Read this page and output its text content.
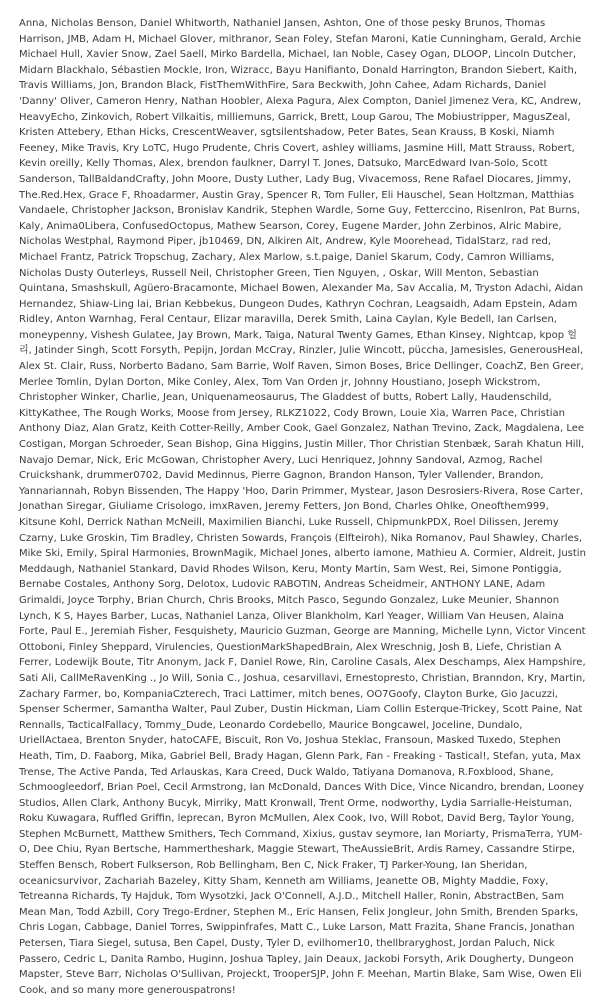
Anna, Nicholas Benson, Daniel Whitworth, Nathaniel Jansen, Ashton, One of those pesky Brunos, Thomas Harrison, JMB, Adam H, Michael Glover, mithranor, Sean Foley, Stefan Maroni, Katie Cunningham, Gerald, Archie Michael Hull, Xavier Snow, Zael Saell, Mirko Bardella, Michael, Ian Noble, Casey Ogan, DLOOP, Lincoln Dutcher, Midarn Blackhalo, Sébastien Mockle, Iron, Wizracc, Bayu Hanifianto, Donald Harrington, Brandon Siebert, Kaith, Travis Williams, Jon, Brandon Black, FistThemWithFire, Sara Beckwith, John Cahee, Adam Richards, Daniel 'Danny' Oliver, Cameron Henry, Nathan Hoobler, Alexa Pagura, Alex Compton, Daniel Jimenez Vera, KC, Andrew, HeavyEcho, Zinkovich, Robert Vilkaitis, milliemuns, Garrick, Brett, Loup Garou, The Mobiustripper, MagusZeal, Kristen Attebery, Ethan Hicks, CrescentWeaver, sgtsilentshadow, Peter Bates, Sean Krauss, B Koski, Niamh Feeney, Mike Travis, Kry LoTC, Hugo Prudente, Chris Covert, ashley williams, Jasmine Hill, Matt Strauss, Robert, Kevin oreilly, Kelly Thomas, Alex, brendon faulkner, Darryl T. Jones, Datsuko, MarcEdward Ivan-Solo, Scott Sanderson, TallBaldandCrafty, John Moore, Dusty Luther, Lady Bug, Vivacemoss, Rene Rafael Diocares, Jimmy, The.Red.Hex, Grace F, Rhoadarmer, Austin Gray, Spencer R, Tom Fuller, Eli Hauschel, Sean Holtzman, Matthias Vandaele, Christopher Jackson, Bronislav Kandrik, Stephen Wardle, Some Guy, Fetterccino, RisenIron, Pat Burns, Kaly, Anima0Libera, ConfusedOctopus, Mathew Searson, Corey, Eugene Marder, John Zerbinos, Alric Mabire, Nicholas Westphal, Raymond Piper, jb10469, DN, Alkiren Alt, Andrew, Kyle Moorehead, TidalStarz, rad red, Michael Frantz, Patrick Tropschug, Zachary, Alex Marlow, s.t.paige, Daniel Skarum, Cody, Camron Williams, Nicholas Dusty Outerleys, Russell Neil, Christopher Green, Tien Nguyen, , Oskar, Will Menton, Sebastian Quintana, Smashskull, Agüero-Bracamonte, Michael Bowen, Alexander Ma, Sav Accalia, M, Tryston Adachi, Aidan Hernandez, Shiaw-Ling lai, Brian Kebbekus, Dungeon Dudes, Kathryn Cochran, Leagsaidh, Adam Epstein, Adam Ridley, Anton Warnhag, Feral Centaur, Elizar maravilla, Derek Smith, Laina Caylan, Kyle Bedell, Ian Carlsen, moneypenny, Vishesh Gulatee, Jay Brown, Mark, Taiga, Natural Twenty Games, Ethan Kinsey, Nightcap, kpop 헐리, Jatinder Singh, Scott Forsyth, Pepijn, Jordan McCray, Rinzler, Julie Wincott, püccha, Jamesisles, GenerousHeal, Alex St. Clair, Russ, Norberto Badano, Sam Barrie, Wolf Raven, Simon Boses, Brice Dellinger, CoachZ, Ben Greer, Merlee Tomlin, Dylan Dorton, Mike Conley, Alex, Tom Van Orden jr, Johnny Houstiano, Joseph Wickstrom, Christopher Winker, Charlie, Jean, Uniquenameosaurus, The Gladdest of butts, Robert Lally, Haudenschild, KittyKathee, The Rough Works, Moose from Jersey, RLKZ1022, Cody Brown, Louie Xia, Warren Pace, Christian Anthony Diaz, Alan Gratz, Keith Cotter-Reilly, Amber Cook, Gael Gonzalez, Nathan Trevino, Zack, Magdalena, Lee Costigan, Morgan Schroeder, Sean Bishop, Gina Higgins, Justin Miller, Thor Christian Stenbæk, Sarah Khatun Hill, Navajo Demar, Nick, Eric McGowan, Christopher Avery, Luci Henriquez, Johnny Sandoval, Azmog, Rachel Cruickshank, drummer0702, David Medinnus, Pierre Gagnon, Brandon Hanson, Tyler Vallender, Brandon, Yannariannah, Robyn Bissenden, The Happy 'Hoo, Darin Primmer, Mystear, Jason Desrosiers-Rivera, Rose Carter, Jonathan Siregar, Giuliame Crisologo, imxRaven, Jeremy Fetters, Jon Bond, Charles Ohlke, Oneofthem999, Kitsune Kohl, Derrick Nathan McNeill, Maximilien Bianchi, Luke Russell, ChipmunkPDX, Roel Dilissen, Jeremy Czarny, Luke Groskin, Tim Bradley, Christen Sowards, François (Elfteiroh), Nika Romanov, Paul Shawley, Charles, Mike Ski, Emily, Spiral Harmonies, BrownMagik, Michael Jones, alberto iamone, Mathieu A. Cormier, Aldreit, Justin Meddaugh, Nathaniel Stankard, David Rhodes Wilson, Keru, Monty Martin, Sam West, Rei, Simone Pontiggia, Bernabe Costales, Anthony Sorg, Delotox, Ludovic RABOTIN, Andreas Scheidmeir, ANTHONY LANE, Adam Grimaldi, Joyce Torphy, Brian Church, Chris Brooks, Mitch Pasco, Segundo Gonzalez, Luke Meunier, Shannon Lynch, K S, Hayes Barber, Lucas, Nathaniel Lanza, Oliver Blankholm, Karl Yeager, William Van Heusen, Alaina Forte, Paul E., Jeremiah Fisher, Fesquishety, Mauricio Guzman, George are Manning, Michelle Lynn, Victor Vincent Ottoboni, Finley Sheppard, Virulencies, QuestionMarkShapedBrain, Alex Wreschnig, Josh B, Liefe, Christian A Ferrer, Lodewijk Boute, Titr Anonym, Jack F, Daniel Rowe, Rin, Caroline Casals, Alex Deschamps, Alex Hampshire, Sati Ali, CallMeRavenKing ., Jo Will, Sonia C., Joshua, cesarvillavi, Ernestopresto, Christian, Branndon, Kry, Martin, Zachary Farmer, bo, KompaniaCzterech, Traci Lattimer, mitch benes, OO7Goofy, Clayton Burke, Gio Jacuzzi, Spenser Schermer, Samantha Walter, Paul Zuber, Dustin Hickman, Liam Collin Esterque-Trickey, Scott Paine, Nat Rennalls, TacticalFallacy, Tommy_Dude, Leonardo Cordebello, Maurice Bongcawel, Joceline, Dundalo, UriellActaea, Brenton Snyder, hatoCAFE, Biscuit, Ron Vo, Joshua Steklac, Fransoun, Masked Tuxedo, Stephen Heath, Tim, D. Faaborg, Mika, Gabriel Bell, Brady Hagan, Glenn Park, Fan - Freaking - Tastical!, Stefan, yuta, Max Trense, The Active Panda, Ted Arlauskas, Kara Creed, Duck Waldo, Tatiyana Domanova, R.Foxblood, Shane, Schmoogleedorf, Brian Poel, Cecil Armstrong, Ian McDonald, Dances With Dice, Vince Nicandro, brendan, Looney Studios, Allen Clark, Anthony Bucyk, Mirriky, Matt Kronwall, Trent Orme, nodworthy, Lydia Sarrialle-Heistuman, Roku Kuwagara, Ruffled Griffin, leprecan, Byron McMullen, Alex Cook, Ivo, Will Robot, David Berg, Taylor Young, Stephen McBurnett, Matthew Smithers, Tech Command, Xixius, gustav seymore, Ian Moriarty, PrismaTerra, YUM-O, Dee Chiu, Ryan Bertsche, Hammertheshark, Maggie Stewart, TheAussieBrit, Ardis Ramey, Cassandre Stirpe, Steffen Bensch, Robert Fulkserson, Rob Bellingham, Ben C, Nick Fraker, TJ Parker-Young, Ian Sheridan, oceanicsurvivor, Zachariah Bazeley, Kitty Sham, Kenneth am Williams, Jeanette OB, Mighty Maddie, Foxy, Tetreanna Richards, Ty Hajduk, Tom Wysotzki, Jack O'Connell, A.J.D., Mitchell Haller, Ronin, AbstractBen, Sam Mean Man, Todd Azbill, Cory Trego-Erdner, Stephen M., Eric Hansen, Felix Jongleur, John Smith, Brenden Sparks, Chris Logan, Cabbage, Daniel Torres, Swippinfrafes, Matt C., Luke Larson, Matt Frazita, Shane Francis, Jonathan Petersen, Tiara Siegel, sutusa, Ben Capel, Dusty, Tyler D, evilhomer10, thellbraryghost, Jordan Paluch, Nick Passero, Cedric L, Danita Rambo, Huginn, Joshua Tapley, Jain Deaux, Jackobi Forsyth, Arik Dougherty, Dungeon Mapster, Steve Barr, Nicholas O'Sullivan, Projeckt, TrooperSJP, John F. Meehan, Martin Blake, Sam Wise, Owen Eli Cook, and so many more generouspatrons!
